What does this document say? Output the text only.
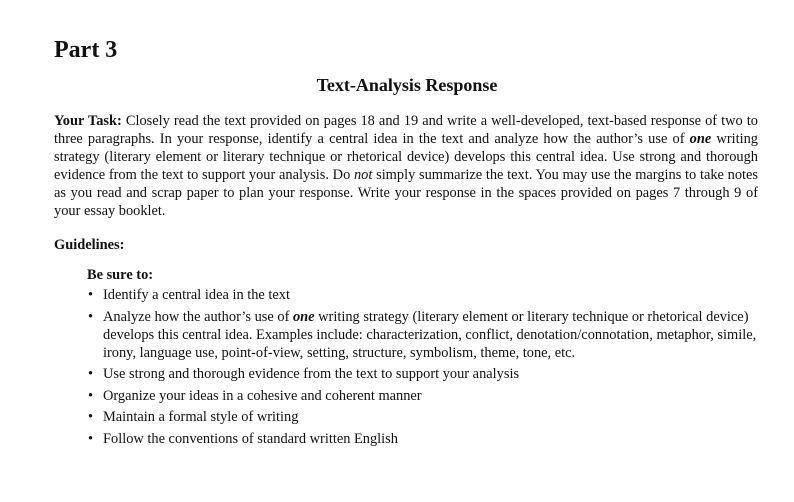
Part 3
Text-Analysis Response

Your Task: Closely read the text provided on pages 18 and 19 and write a well-developed, text-based response of two to three paragraphs. In your response, identify a central idea in the text and analyze how the author’s use of one writing strategy (literary element or literary technique or rhetorical device) develops this central idea. Use strong and thorough evidence from the text to support your analysis. Do not simply summarize the text. You may use the margins to take notes as you read and scrap paper to plan your response. Write your response in the spaces provided on pages 7 through 9 of your essay booklet.

Guidelines:
Be sure to:
• Identify a central idea in the text
• Analyze how the author’s use of one writing strategy (literary element or literary technique or rhetorical device) develops this central idea. Examples include: characterization, conflict, denotation/connotation, metaphor, simile, irony, language use, point-of-view, setting, structure, symbolism, theme, tone, etc.
• Use strong and thorough evidence from the text to support your analysis
• Organize your ideas in a cohesive and coherent manner
• Maintain a formal style of writing
• Follow the conventions of standard written English
